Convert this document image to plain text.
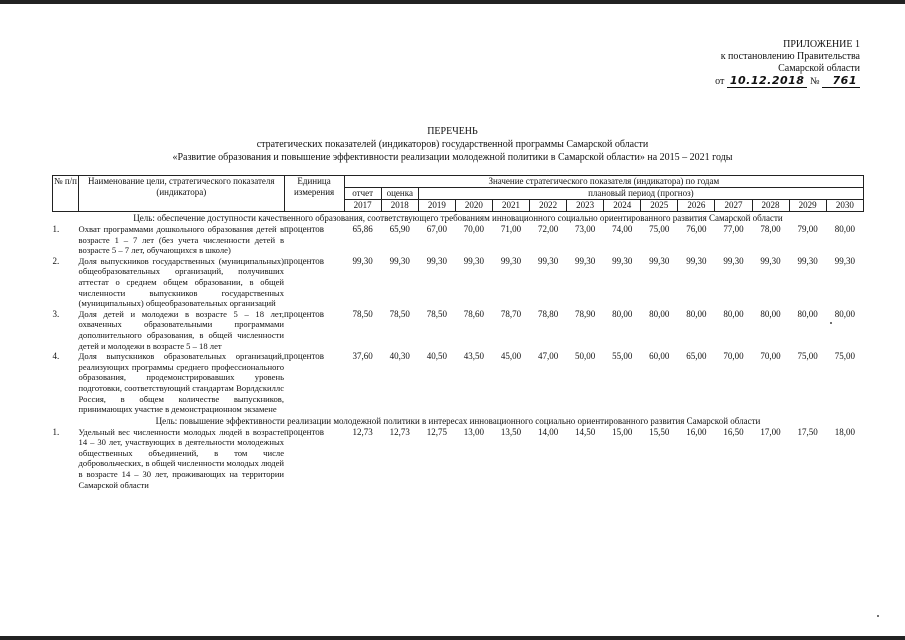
ПРИЛОЖЕНИЕ 1
к постановлению Правительства
Самарской области
от 10.12.2018 № 761
ПЕРЕЧЕНЬ
стратегических показателей (индикаторов) государственной программы Самарской области
«Развитие образования и повышение эффективности реализации молодежной политики в Самарской области» на 2015 – 2021 годы
№ п/п	Наименование цели, стратегического показателя (индикатора)	Единица измерения	Значение стратегического показателя (индикатора) по годам													
			отчет	оценка	плановый период (прогноз)											
			2017	2018	2019	2020	2021	2022	2023	2024	2025	2026	2027	2028	2029	2030
Цель: обеспечение доступности качественного образования, соответствующего требованиям инновационного социально ориентированного развития Самарской области																
1.	Охват программами дошкольного образования детей в возрасте 1 – 7 лет (без учета численности детей в возрасте 5 – 7 лет, обучающихся в школе)	процентов	65,86	65,90	67,00	70,00	71,00	72,00	73,00	74,00	75,00	76,00	77,00	78,00	79,00	80,00
2.	Доля выпускников государственных (муниципальных) общеобразовательных организаций, получивших аттестат о среднем общем образовании, в общей численности выпускников государственных (муниципальных) общеобразовательных организаций	процентов	99,30	99,30	99,30	99,30	99,30	99,30	99,30	99,30	99,30	99,30	99,30	99,30	99,30	99,30
3.	Доля детей и молодежи в возрасте 5 – 18 лет, охваченных образовательными программами дополнительного образования, в общей численности детей и молодежи в возрасте 5 – 18 лет	процентов	78,50	78,50	78,50	78,60	78,70	78,80	78,90	80,00	80,00	80,00	80,00	80,00	80,00	80,00
4.	Доля выпускников образовательных организаций, реализующих программы среднего профессионального образования, продемонстрировавших уровень подготовки, соответствующий стандартам Ворлдскиллс Россия, в общем количестве выпускников, принимающих участие в демонстрационном экзамене	процентов	37,60	40,30	40,50	43,50	45,00	47,00	50,00	55,00	60,00	65,00	70,00	70,00	75,00	75,00
Цель: повышение эффективности реализации молодежной политики в интересах инновационного социально ориентированного развития Самарской области																
1.	Удельный вес численности молодых людей в возрасте 14 – 30 лет, участвующих в деятельности молодежных общественных объединений, в том числе добровольческих, в общей численности молодых людей в возрасте 14 – 30 лет, проживающих на территории Самарской области	процентов	12,73	12,73	12,75	13,00	13,50	14,00	14,50	15,00	15,50	16,00	16,50	17,00	17,50	18,00
